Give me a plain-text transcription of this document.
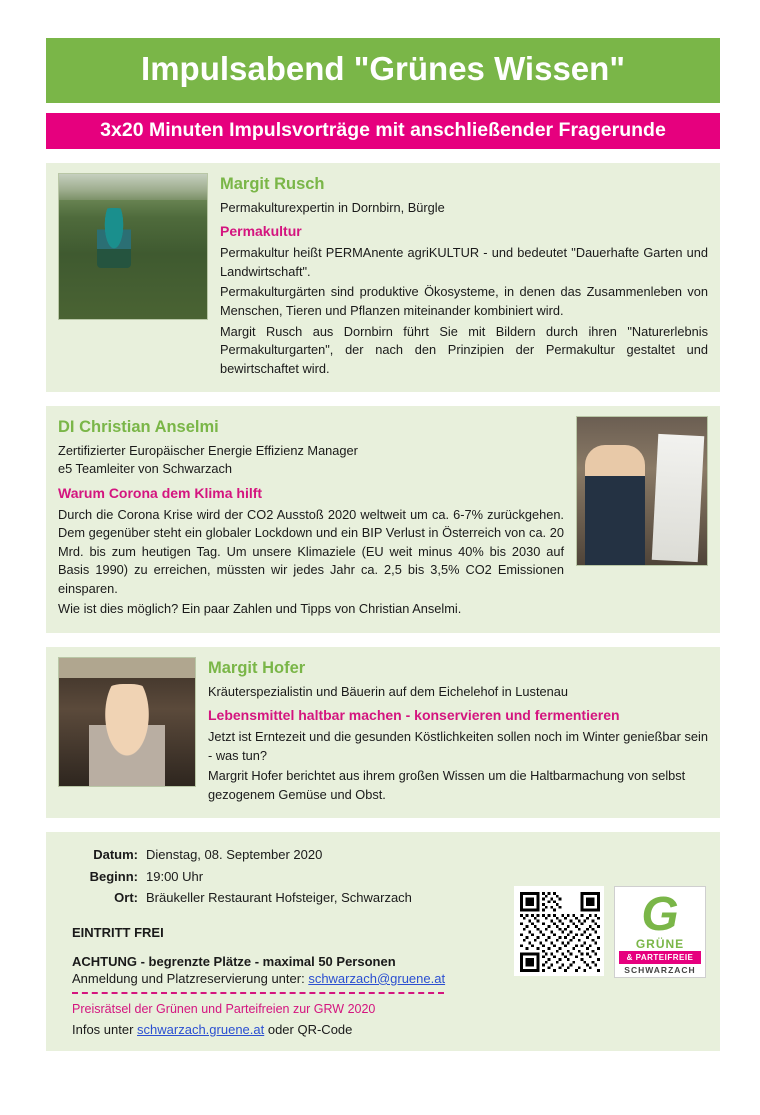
Impulsabend "Grünes Wissen"
3x20 Minuten Impulsvorträge mit anschließender Fragerunde
Margit Rusch
Permakulturexpertin in Dornbirn, Bürgle
Permakultur

Permakultur heißt PERMAnente agriKULTUR - und bedeutet "Dauerhafte Garten und Landwirtschaft".

Permakulturgärten sind produktive Ökosysteme, in denen das Zusammenleben von Menschen, Tieren und Pflanzen miteinander kombiniert wird.

Margit Rusch aus Dornbirn führt Sie mit Bildern durch ihren "Naturerlebnis Permakulturgarten", der nach den Prinzipien der Permakultur gestaltet und bewirtschaftet wird.

DI Christian Anselmi
Zertifizierter Europäischer Energie Effizienz Manager
e5 Teamleiter von Schwarzach
Warum Corona dem Klima hilft

Durch die Corona Krise wird der CO2 Ausstoß 2020 weltweit um ca. 6-7% zurückgehen. Dem gegenüber steht ein globaler Lockdown und ein BIP Verlust in Österreich von ca. 20 Mrd. bis zum heutigen Tag. Um unsere Klimaziele (EU weit minus 40% bis 2030 auf Basis 1990) zu erreichen, müssten wir jedes Jahr ca. 2,5 bis 3,5% CO2 Emissionen einsparen.

Wie ist dies möglich? Ein paar Zahlen und Tipps von Christian Anselmi.

Margit Hofer
Kräuterspezialistin und Bäuerin auf dem Eichelehof in Lustenau
Lebensmittel haltbar machen - konservieren und fermentieren

Jetzt ist Erntezeit und die gesunden Köstlichkeiten sollen noch im Winter genießbar sein - was tun?

Margrit Hofer berichtet aus ihrem großen Wissen um die Haltbarmachung von selbst gezogenem Gemüse und Obst.

Datum: Dienstag, 08. September 2020
Beginn: 19:00 Uhr
Ort: Bräukeller Restaurant Hofsteiger, Schwarzach
EINTRITT FREI
ACHTUNG - begrenzte Plätze - maximal 50 Personen
Anmeldung und Platzreservierung unter: schwarzach@gruene.at
Preisrätsel der Grünen und Parteifreien zur GRW 2020
Infos unter schwarzach.gruene.at oder QR-Code
G
GRÜNE
& PARTEIFREIE
SCHWARZACH
